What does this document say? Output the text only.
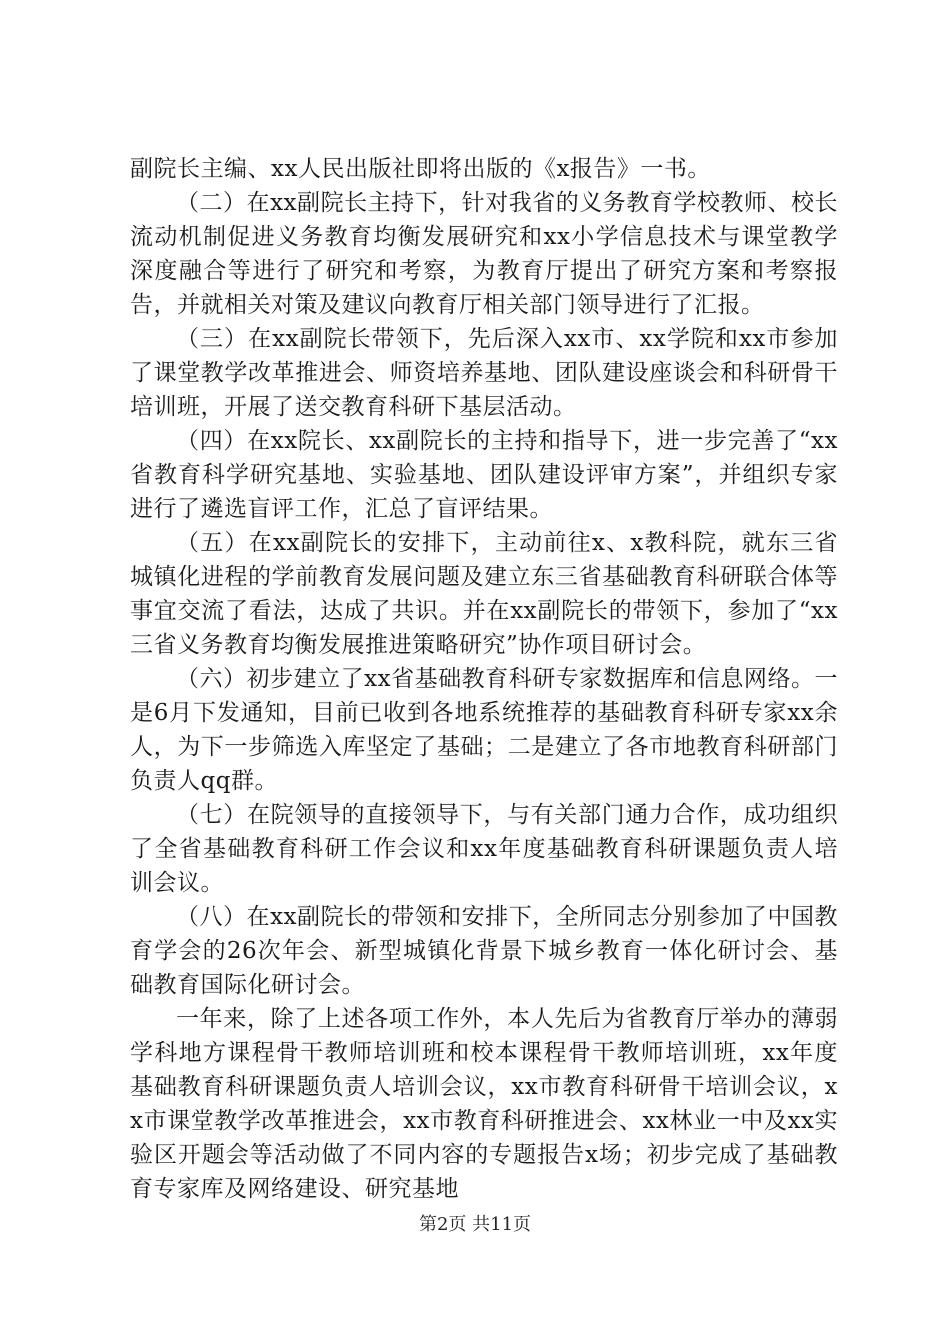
副院长主编、xx人民出版社即将出版的《x报告》一书。

（二）在xx副院长主持下，针对我省的义务教育学校教师、校长流动机制促进义务教育均衡发展研究和xx小学信息技术与课堂教学深度融合等进行了研究和考察，为教育厅提出了研究方案和考察报告，并就相关对策及建议向教育厅相关部门领导进行了汇报。

（三）在xx副院长带领下，先后深入xx市、xx学院和xx市参加了课堂教学改革推进会、师资培养基地、团队建设座谈会和科研骨干培训班，开展了送交教育科研下基层活动。

（四）在xx院长、xx副院长的主持和指导下，进一步完善了“xx省教育科学研究基地、实验基地、团队建设评审方案”，并组织专家进行了遴选盲评工作，汇总了盲评结果。

（五）在xx副院长的安排下，主动前往x、x教科院，就东三省城镇化进程的学前教育发展问题及建立东三省基础教育科研联合体等事宜交流了看法，达成了共识。并在xx副院长的带领下，参加了“xx三省义务教育均衡发展推进策略研究”协作项目研讨会。

（六）初步建立了xx省基础教育科研专家数据库和信息网络。一是6月下发通知，目前已收到各地系统推荐的基础教育科研专家xx余人，为下一步筛选入库坚定了基础；二是建立了各市地教育科研部门负责人qq群。

（七）在院领导的直接领导下，与有关部门通力合作，成功组织了全省基础教育科研工作会议和xx年度基础教育科研课题负责人培训会议。

（八）在xx副院长的带领和安排下，全所同志分别参加了中国教育学会的26次年会、新型城镇化背景下城乡教育一体化研讨会、基础教育国际化研讨会。

一年来，除了上述各项工作外，本人先后为省教育厅举办的薄弱学科地方课程骨干教师培训班和校本课程骨干教师培训班，xx年度基础教育科研课题负责人培训会议，xx市教育科研骨干培训会议，xx市课堂教学改革推进会，xx市教育科研推进会、xx林业一中及xx实验区开题会等活动做了不同内容的专题报告x场；初步完成了基础教育专家库及网络建设、研究基地

第2页 共11页
